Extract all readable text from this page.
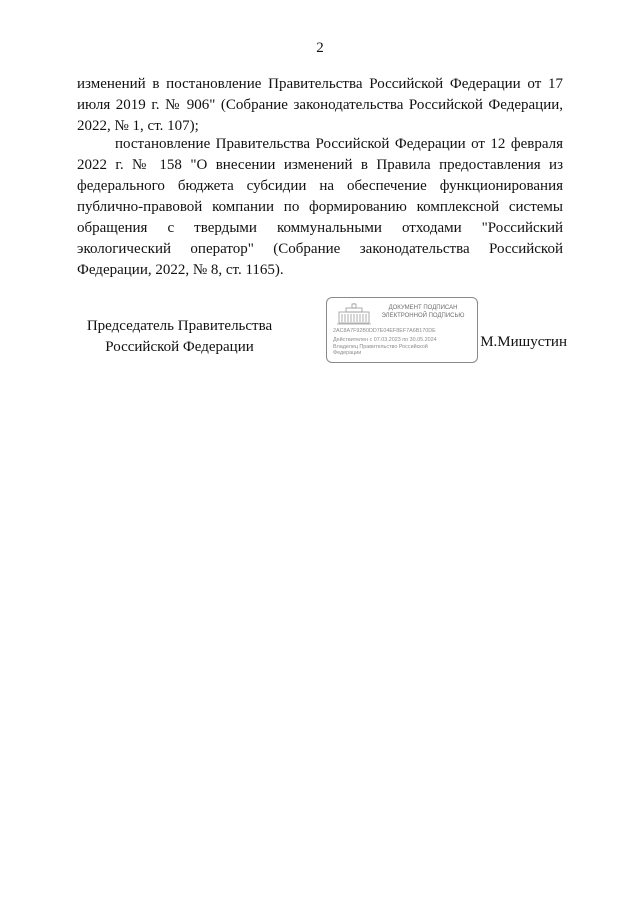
2
изменений в постановление Правительства Российской Федерации от 17 июля 2019 г. № 906" (Собрание законодательства Российской Федерации, 2022, № 1, ст. 107);
постановление Правительства Российской Федерации от 12 февраля 2022 г. № 158 "О внесении изменений в Правила предоставления из федерального бюджета субсидии на обеспечение функционирования публично-правовой компании по формированию комплексной системы обращения с твердыми коммунальными отходами "Российский экологический оператор" (Собрание законодательства Российской Федерации, 2022, № 8, ст. 1165).
Председатель Правительства
Российской Федерации
ДОКУМЕНТ ПОДПИСАН
ЭЛЕКТРОННОЙ ПОДПИСЬЮ
2AC8A7F92B0DD7E04EF8EF7A6B170DE
Действителен с 07.03.2023 по 30.05.2024
Владелец Правительство Российской
Федерации
М.Мишустин
